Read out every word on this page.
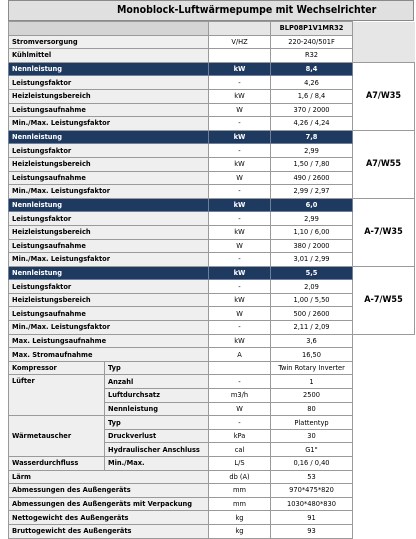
Monoblock-Luftwärmepumpe mit Wechselrichter
			BLP08P1V1MR32	
Stromversorgung		V/HZ	220-240/501F	
Kühlmittel			R32	
Nennleistung		kW	8,4	A7/W35
Leistungsfaktor		-	4,26	
Heizleistungsbereich		kW	1,6 / 8,4	
Leistungsaufnahme		W	370 / 2000	
Min./Max. Leistungsfaktor		-	4,26 / 4,24	
Nennleistung		kW	7,8	A7/W55
Leistungsfaktor		-	2,99	
Heizleistungsbereich		kW	1,50 / 7,80	
Leistungsaufnahme		W	490 / 2600	
Min./Max. Leistungsfaktor		-	2,99 / 2,97	
Nennleistung		kW	6,0	A-7/W35
Leistungsfaktor		-	2,99	
Heizleistungsbereich		kW	1,10 / 6,00	
Leistungsaufnahme		W	380 / 2000	
Min./Max. Leistungsfaktor		-	3,01 / 2,99	
Nennleistung		kW	5,5	A-7/W55
Leistungsfaktor		-	2,09	
Heizleistungsbereich		kW	1,00 / 5,50	
Leistungsaufnahme		W	500 / 2600	
Min./Max. Leistungsfaktor		-	2,11 / 2,09	
Max. Leistungsaufnahme		kW	3,6	
Max. Stromaufnahme		A	16,50	
Kompressor	Typ		Twin Rotary Inverter	
Lüfter	Anzahl	-	1	
	Luftdurchsatz	m3/h	2500	
	Nennleistung	W	80	
Wärmetauscher	Typ	-	Plattentyp	
	Druckverlust	kPa	30	
	Hydraulischer Anschluss	cal	G1"	
Wasserdurchfluss	Min./Max.	L/S	0,16 / 0,40	
Lärm		db (A)	53	
Abmessungen des Außengeräts		mm	970*475*820	
Abmessungen des Außengeräts mit Verpackung		mm	1030*480*830	
Nettogewicht des Außengeräts		kg	91	
Bruttogewicht des Außengeräts		kg	93	
